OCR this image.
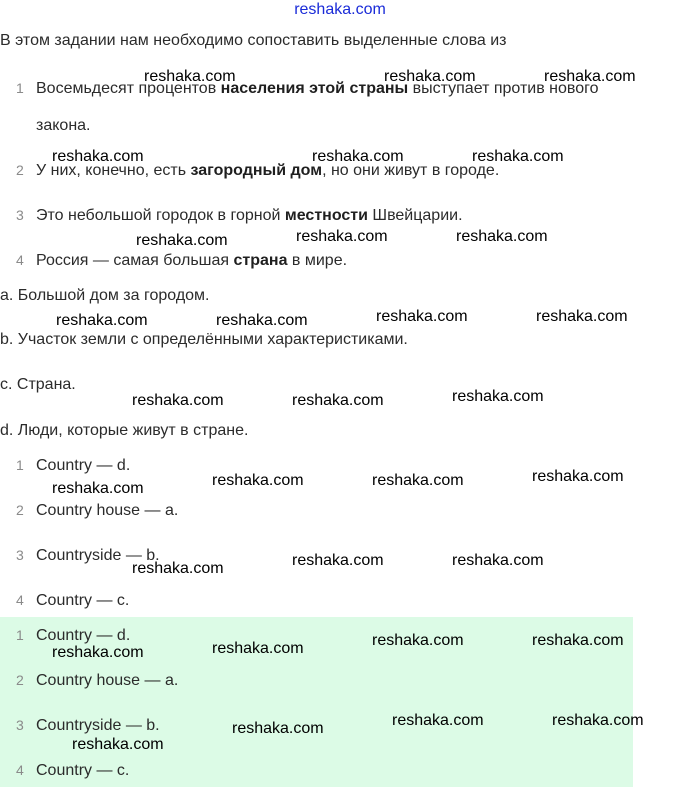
reshaka.com
В этом задании нам необходимо сопоставить выделенные слова из
1 Восемьдесят процентов населения этой страны выступает против нового
закона.
2 У них, конечно, есть загородный дом, но они живут в городе.
3 Это небольшой городок в горной местности Швейцарии.
4 Россия — самая большая страна в мире.
a. Большой дом за городом.
b. Участок земли с определёнными характеристиками.
c. Страна.
d. Люди, которые живут в стране.
1 Country — d.
2 Country house — a.
3 Countryside — b.
4 Country — c.
1 Country — d.
2 Country house — a.
3 Countryside — b.
4 Country — c.
reshaka.com	reshaka.com	reshaka.com
reshaka.com	reshaka.com	reshaka.com
reshaka.com	reshaka.com	reshaka.com
reshaka.com	reshaka.com	reshaka.com	reshaka.com
reshaka.com	reshaka.com	reshaka.com
reshaka.com	reshaka.com	reshaka.com	reshaka.com
reshaka.com	reshaka.com	reshaka.com
reshaka.com	reshaka.com	reshaka.com	reshaka.com
reshaka.com	reshaka.com	reshaka.com
reshaka.com
